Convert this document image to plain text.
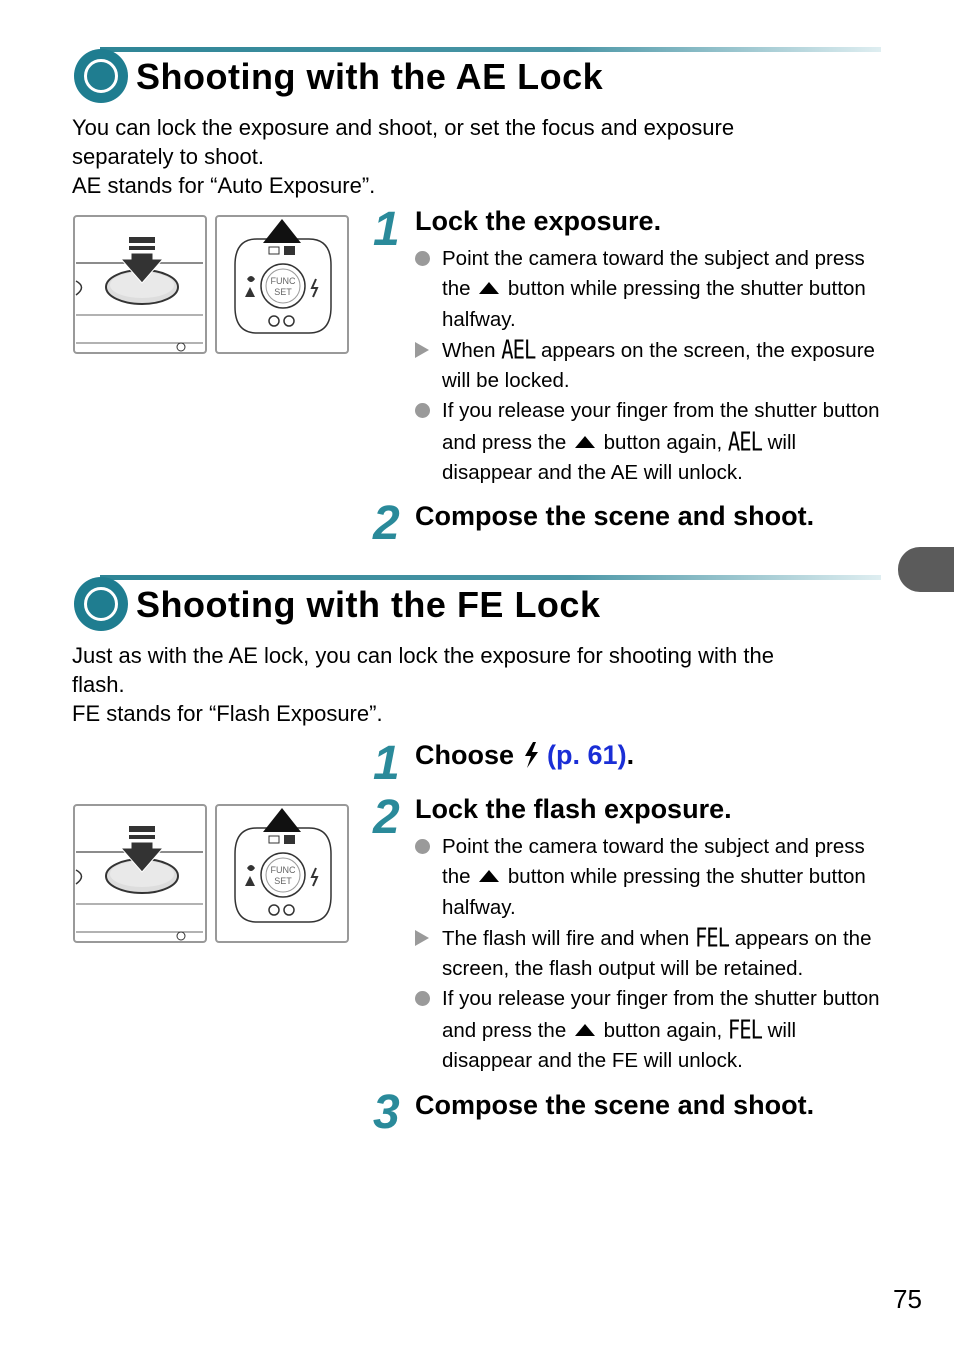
Shooting with the AE Lock
You can lock the exposure and shoot, or set the focus and exposure
separately to shoot.
AE stands for “Auto Exposure”.
FUNC
SET
1 Lock the exposure.
Point the camera toward the subject and press the button while pressing the shutter button halfway.
When AEL appears on the screen, the exposure will be locked.
If you release your finger from the shutter button and press the button again, AEL will disappear and the AE will unlock.
2 Compose the scene and shoot.
Shooting with the FE Lock
Just as with the AE lock, you can lock the exposure for shooting with the
flash.
FE stands for “Flash Exposure”.
1 Choose (p. 61).
FUNC
SET
2 Lock the flash exposure.
Point the camera toward the subject and press the button while pressing the shutter button halfway.
The flash will fire and when FEL appears on the screen, the flash output will be retained.
If you release your finger from the shutter button and press the button again, FEL will disappear and the FE will unlock.
3 Compose the scene and shoot.
75
